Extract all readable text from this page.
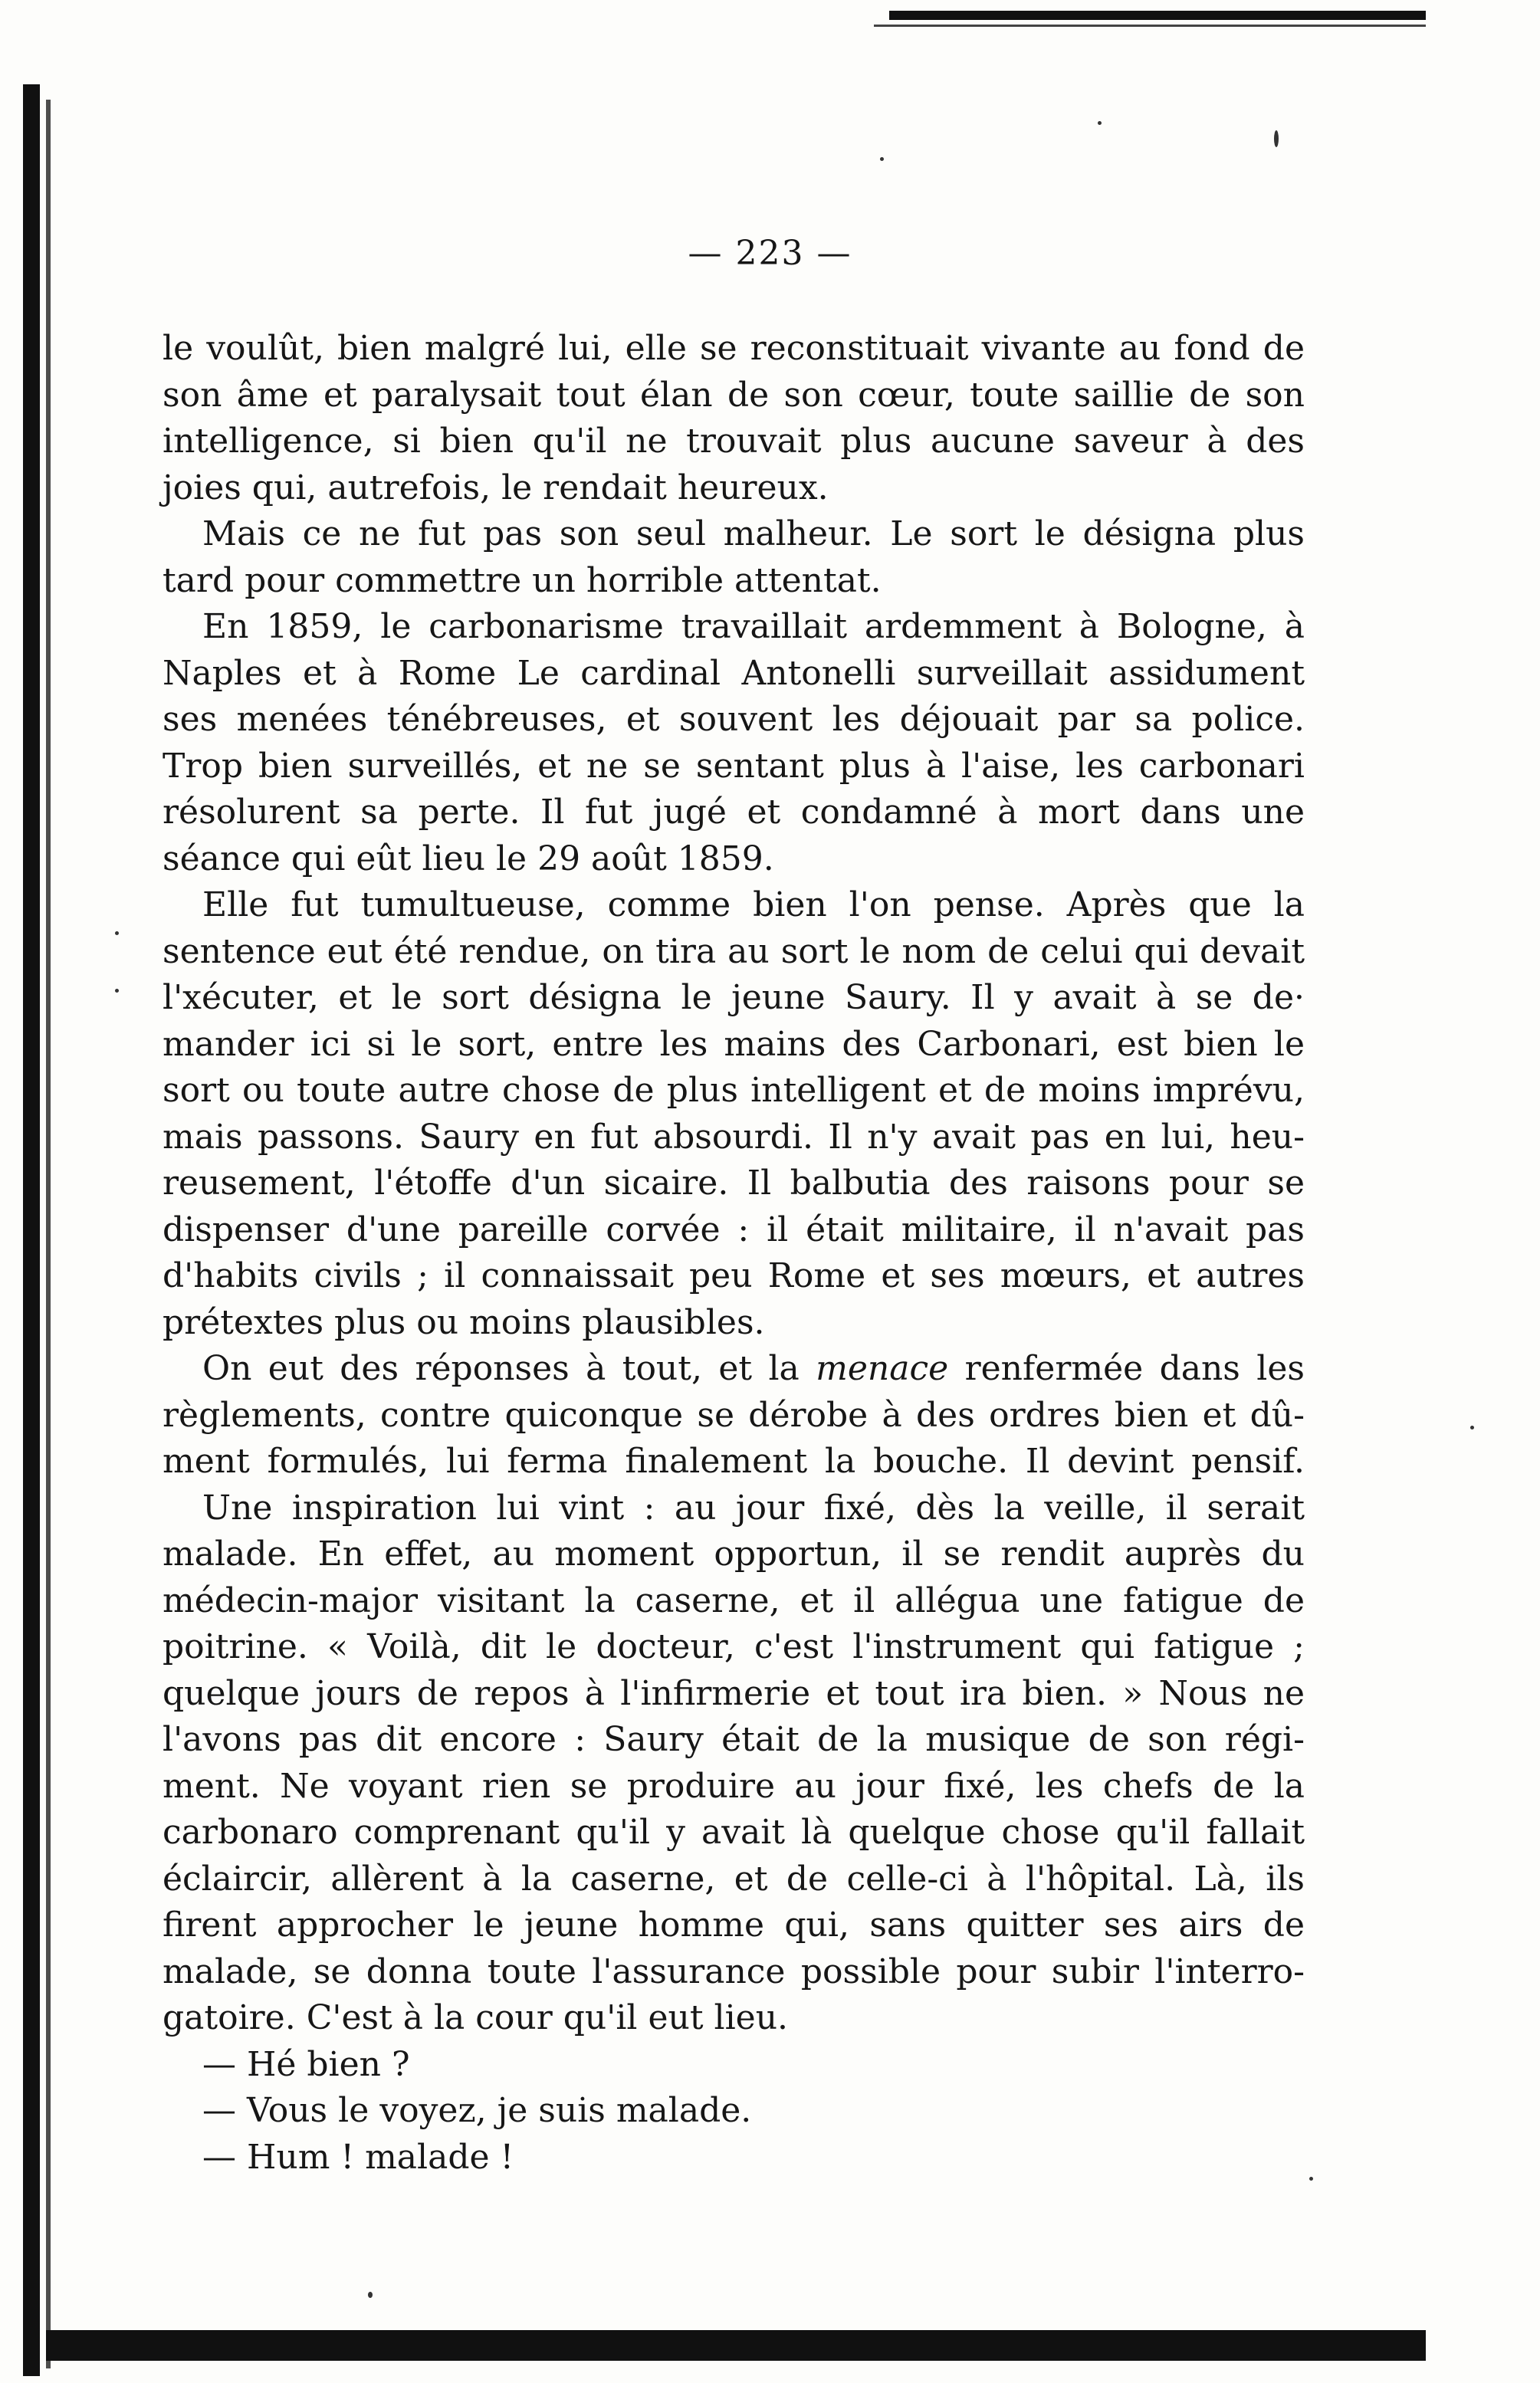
— 223 —
le voulût, bien malgré lui, elle se reconstituait vivante au fond de
son âme et paralysait tout élan de son cœur, toute saillie de son
intelligence, si bien qu'il ne trouvait plus aucune saveur à des
joies qui, autrefois, le rendait heureux.
Mais ce ne fut pas son seul malheur. Le sort le désigna plus
tard pour commettre un horrible attentat.
En 1859, le carbonarisme travaillait ardemment à Bologne, à
Naples et à Rome Le cardinal Antonelli surveillait assidument
ses menées ténébreuses, et souvent les déjouait par sa police.
Trop bien surveillés, et ne se sentant plus à l'aise, les carbonari
résolurent sa perte. Il fut jugé et condamné à mort dans une
séance qui eût lieu le 29 août 1859.
Elle fut tumultueuse, comme bien l'on pense. Après que la
sentence eut été rendue, on tira au sort le nom de celui qui devait
l'xécuter, et le sort désigna le jeune Saury. Il y avait à se de·
mander ici si le sort, entre les mains des Carbonari, est bien le
sort ou toute autre chose de plus intelligent et de moins imprévu,
mais passons. Saury en fut absourdi. Il n'y avait pas en lui, heu-
reusement, l'étoffe d'un sicaire. Il balbutia des raisons pour se
dispenser d'une pareille corvée : il était militaire, il n'avait pas
d'habits civils ; il connaissait peu Rome et ses mœurs, et autres
prétextes plus ou moins plausibles.
On eut des réponses à tout, et la menace renfermée dans les
règlements, contre quiconque se dérobe à des ordres bien et dû-
ment formulés, lui ferma finalement la bouche. Il devint pensif.
Une inspiration lui vint : au jour fixé, dès la veille, il serait
malade. En effet, au moment opportun, il se rendit auprès du
médecin-major visitant la caserne, et il allégua une fatigue de
poitrine. « Voilà, dit le docteur, c'est l'instrument qui fatigue ;
quelque jours de repos à l'infirmerie et tout ira bien. » Nous ne
l'avons pas dit encore : Saury était de la musique de son régi-
ment. Ne voyant rien se produire au jour fixé, les chefs de la
carbonaro comprenant qu'il y avait là quelque chose qu'il fallait
éclaircir, allèrent à la caserne, et de celle-ci à l'hôpital. Là, ils
firent approcher le jeune homme qui, sans quitter ses airs de
malade, se donna toute l'assurance possible pour subir l'interro-
gatoire. C'est à la cour qu'il eut lieu.
— Hé bien ?
— Vous le voyez, je suis malade.
— Hum ! malade !
